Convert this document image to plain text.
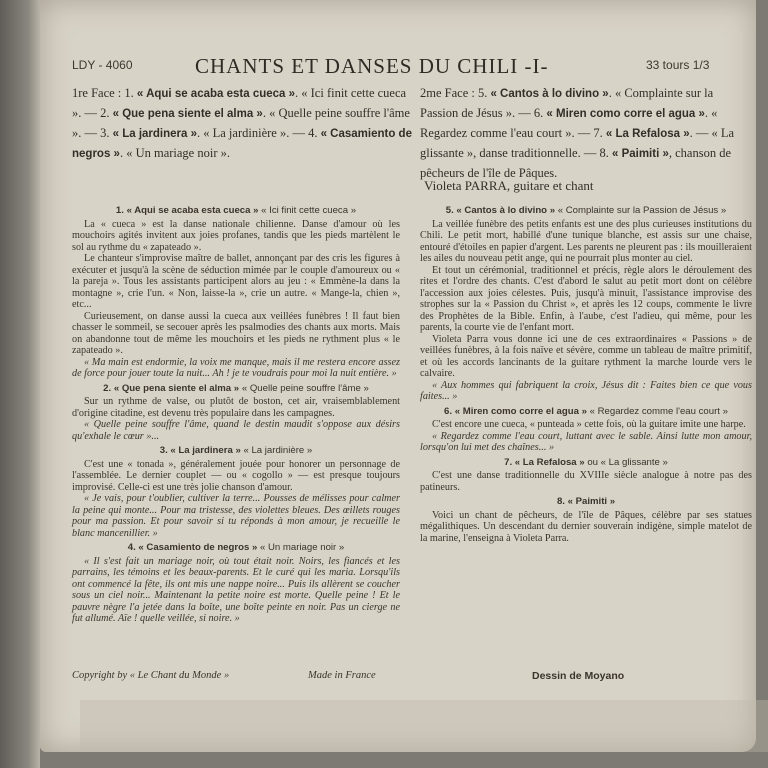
LDY - 4060	CHANTS ET DANSES DU CHILI -I-	33 tours 1/3
1re Face : 1. « Aqui se acaba esta cueca ». « Ici finit cette cueca ». — 2. « Que pena siente el alma ». « Quelle peine souffre l'âme ». — 3. « La jardinera ». « La jardinière ». — 4. « Casamiento de negros ». « Un mariage noir ».
2me Face : 5. « Cantos à lo divino ». « Complainte sur la Passion de Jésus ». — 6. « Miren como corre el agua ». « Regardez comme l'eau court ». — 7. « La Refalosa ». — « La glissante », danse traditionnelle. — 8. « Paimiti », chanson de pêcheurs de l'île de Pâques.
Violeta PARRA, guitare et chant
1. « Aqui se acaba esta cueca » « Ici finit cette cueca »

La « cueca » est la danse nationale chilienne. Danse d'amour où les mouchoirs agités invitent aux joies profanes, tandis que les pieds martèlent le sol au rythme du « zapateado ».

Le chanteur s'improvise maître de ballet, annonçant par des cris les figures à exécuter et jusqu'à la scène de séduction mimée par le couple d'amoureux ou « la pareja ». Tous les assistants participent alors au jeu : « Emmène-la dans la montagne », crie l'un. « Non, laisse-la », crie un autre. « Mange-la, chien », etc...

Curieusement, on danse aussi la cueca aux veillées funèbres ! Il faut bien chasser le sommeil, se secouer après les psalmodies des chants aux morts. Mais on abandonne tout de même les mouchoirs et les pieds ne rythment plus « le zapateado ».

« Ma main est endormie, la voix me manque, mais il me restera encore assez de force pour jouer toute la nuit... Ah ! je te voudrais pour moi la nuit entière. »

2. « Que pena siente el alma » « Quelle peine souffre l'âme »

Sur un rythme de valse, ou plutôt de boston, cet air, vraisemblablement d'origine citadine, est devenu très populaire dans les campagnes.

« Quelle peine souffre l'âme, quand le destin maudit s'oppose aux désirs qu'exhale le cœur »...

3. « La jardinera » « La jardinière »

C'est une « tonada », généralement jouée pour honorer un personnage de l'assemblée. Le dernier couplet — ou « cogollo » — est presque toujours improvisé. Celle-ci est une très jolie chanson d'amour.

« Je vais, pour t'oublier, cultiver la terre... Pousses de mélisses pour calmer la peine qui monte... Pour ma tristesse, des violettes bleues. Des œillets rouges pour ma passion. Et pour savoir si tu réponds à mon amour, je recueille le blanc mancenillier. »

4. « Casamiento de negros » « Un mariage noir »

« Il s'est fait un mariage noir, où tout était noir. Noirs, les fiancés et les parrains, les témoins et les beaux-parents. Et le curé qui les maria. Lorsqu'ils ont commencé la fête, ils ont mis une nappe noire... Puis ils allèrent se coucher sous un ciel noir... Maintenant la petite noire est morte. Quelle peine ! Et le pauvre nègre l'a jetée dans la boîte, une boîte peinte en noir. Pas un cierge ne fut allumé. Aïe ! quelle veillée, si noire. »

5. « Cantos à lo divino » « Complainte sur la Passion de Jésus »

La veillée funèbre des petits enfants est une des plus curieuses institutions du Chili. Le petit mort, habillé d'une tunique blanche, est assis sur une chaise, entouré d'étoiles en papier d'argent. Les parents ne pleurent pas : ils mouilleraient les ailes du nouveau petit ange, qui ne pourrait plus monter au ciel.

Et tout un cérémonial, traditionnel et précis, règle alors le déroulement des rites et l'ordre des chants. C'est d'abord le salut au petit mort dont on célèbre l'accession aux joies célestes. Puis, jusqu'à minuit, l'assistance improvise des strophes sur la « Passion du Christ », et après les 12 coups, commente le livre des Prophètes de la Bible. Enfin, à l'aube, c'est l'adieu, qui même, pour les parents, la courte vie de l'enfant mort.

Violeta Parra vous donne ici une de ces extraordinaires « Passions » de veillées funèbres, à la fois naïve et sévère, comme un tableau de maître primitif, et où les accords lancinants de la guitare rythment la marche lourde vers le calvaire.

« Aux hommes qui fabriquent la croix, Jésus dit : Faites bien ce que vous faites... »

6. « Miren como corre el agua » « Regardez comme l'eau court »

C'est encore une cueca, « punteada » cette fois, où la guitare imite une harpe.

« Regardez comme l'eau court, luttant avec le sable. Ainsi lutte mon amour, lorsqu'on lui met des chaînes... »

7. « La Refalosa » ou « La glissante »

C'est une danse traditionnelle du XVIIIe siècle analogue à notre pas des patineurs.

8. « Paimiti »

Voici un chant de pêcheurs, de l'île de Pâques, célèbre par ses statues mégalithiques. Un descendant du dernier souverain indigène, simple matelot de la marine, l'enseigna à Violeta Parra.

Copyright by « Le Chant du Monde »	Made in France	Dessin de Moyano
